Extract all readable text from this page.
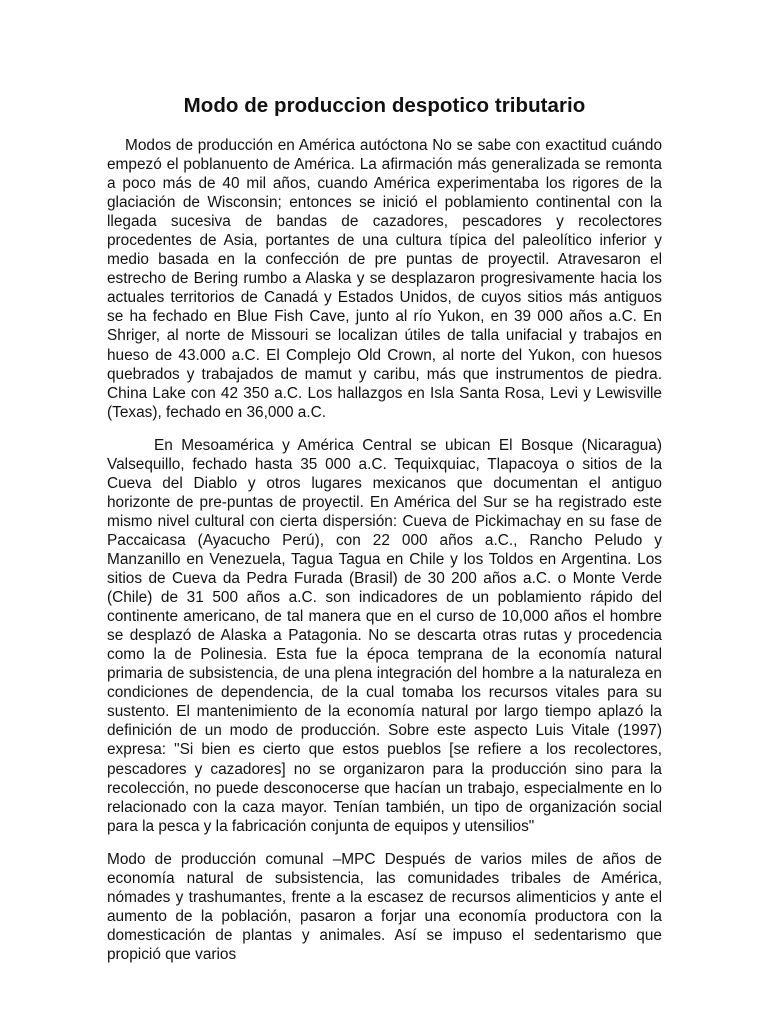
Modo de produccion despotico tributario

Modos de producción en América autóctona No se sabe con exactitud cuándo empezó el poblanuento de América. La afirmación más generalizada se remonta a poco más de 40 mil años, cuando América experimentaba los rigores de la glaciación de Wisconsin; entonces se inició el poblamiento continental con la llegada sucesiva de bandas de cazadores, pescadores y recolectores procedentes de Asia, portantes de una cultura típica del paleolítico inferior y medio basada en la confección de pre puntas de proyectil. Atravesaron el estrecho de Bering rumbo a Alaska y se desplazaron progresivamente hacia los actuales territorios de Canadá y Estados Unidos, de cuyos sitios más antiguos se ha fechado en Blue Fish Cave, junto al río Yukon, en 39 000 años a.C. En Shriger, al norte de Missouri se localizan útiles de talla unifacial y trabajos en hueso de 43.000 a.C. El Complejo Old Crown, al norte del Yukon, con huesos quebrados y trabajados de mamut y caribu, más que instrumentos de piedra. China Lake con 42 350 a.C. Los hallazgos en Isla Santa Rosa, Levi y Lewisville (Texas), fechado en 36,000 a.C.

En Mesoamérica y América Central se ubican El Bosque (Nicaragua) Valsequillo, fechado hasta 35 000 a.C. Tequixquiac, Tlapacoya o sitios de la Cueva del Diablo y otros lugares mexicanos que documentan el antiguo horizonte de pre-puntas de proyectil. En América del Sur se ha registrado este mismo nivel cultural con cierta dispersión: Cueva de Pickimachay en su fase de Paccaicasa (Ayacucho Perú), con 22 000 años a.C., Rancho Peludo y Manzanillo en Venezuela, Tagua Tagua en Chile y los Toldos en Argentina. Los sitios de Cueva da Pedra Furada (Brasil) de 30 200 años a.C. o Monte Verde (Chile) de 31 500 años a.C. son indicadores de un poblamiento rápido del continente americano, de tal manera que en el curso de 10,000 años el hombre se desplazó de Alaska a Patagonia. No se descarta otras rutas y procedencia como la de Polinesia. Esta fue la época temprana de la economía natural primaria de subsistencia, de una plena integración del hombre a la naturaleza en condiciones de dependencia, de la cual tomaba los recursos vitales para su sustento. El mantenimiento de la economía natural por largo tiempo aplazó la definición de un modo de producción. Sobre este aspecto Luis Vitale (1997) expresa: "Si bien es cierto que estos pueblos [se refiere a los recolectores, pescadores y cazadores] no se organizaron para la producción sino para la recolección, no puede desconocerse que hacían un trabajo, especialmente en lo relacionado con la caza mayor. Tenían también, un tipo de organización social para la pesca y la fabricación conjunta de equipos y utensilios"

Modo de producción comunal –MPC Después de varios miles de años de economía natural de subsistencia, las comunidades tribales de América, nómades y trashumantes, frente a la escasez de recursos alimenticios y ante el aumento de la población, pasaron a forjar una economía productora con la domesticación de plantas y animales. Así se impuso el sedentarismo que propició que varios
